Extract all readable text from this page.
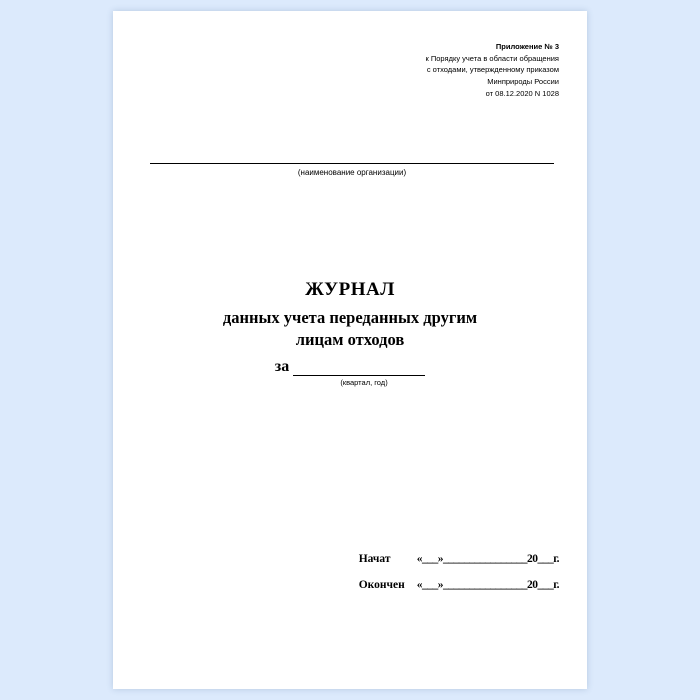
Приложение № 3
к Порядку учета в области обращения
с отходами, утвержденному приказом
Минприроды России
от 08.12.2020 N 1028
(наименование организации)
ЖУРНАЛ
данных учета переданных другим
лицам отходов
за
(квартал, год)
Начат «___»________________20___г.
Окончен «___»________________20___г.
